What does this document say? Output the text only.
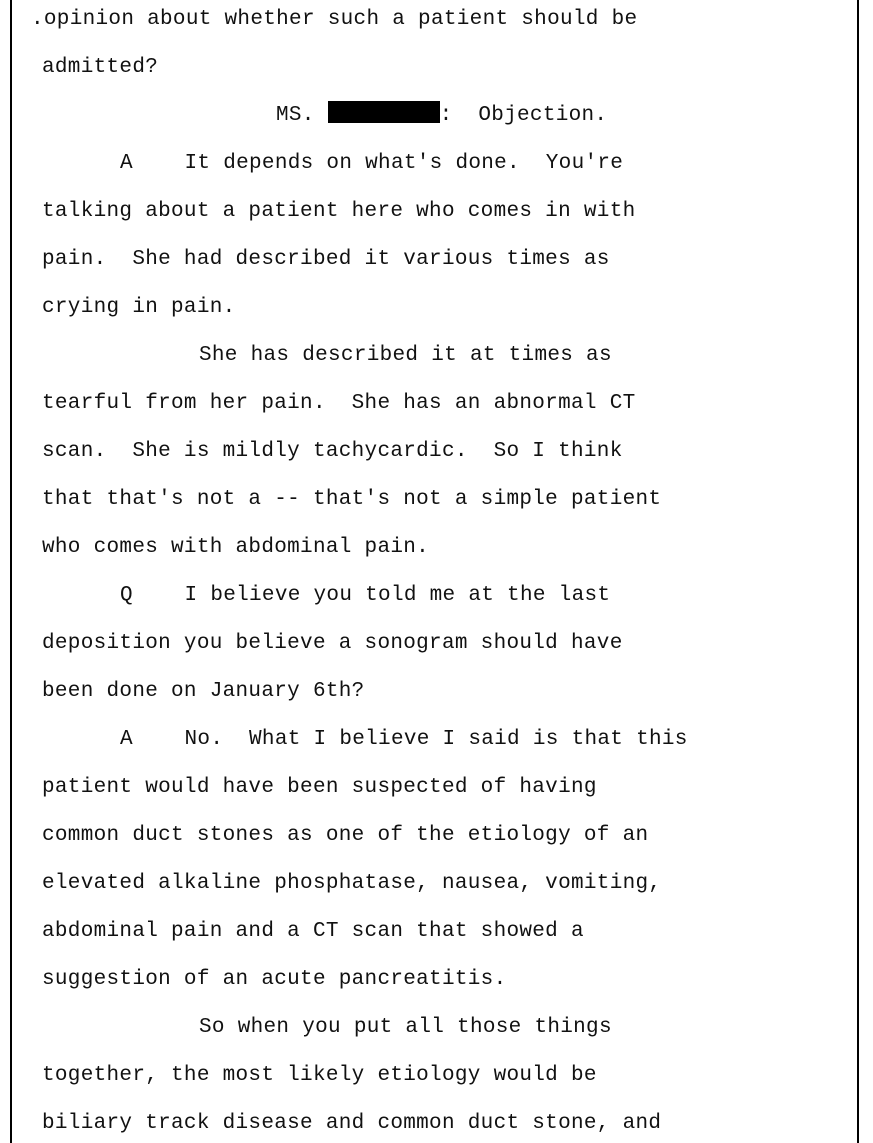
.opinion about whether such a patient should be
admitted?
MS.	:  Objection.
A    It depends on what's done.  You're
talking about a patient here who comes in with
pain.  She had described it various times as
crying in pain.
She has described it at times as
tearful from her pain.  She has an abnormal CT
scan.  She is mildly tachycardic.  So I think
that that's not a -- that's not a simple patient
who comes with abdominal pain.
Q    I believe you told me at the last
deposition you believe a sonogram should have
been done on January 6th?
A    No.  What I believe I said is that this
patient would have been suspected of having
common duct stones as one of the etiology of an
elevated alkaline phosphatase, nausea, vomiting,
abdominal pain and a CT scan that showed a
suggestion of an acute pancreatitis.
So when you put all those things
together, the most likely etiology would be
biliary track disease and common duct stone, and
